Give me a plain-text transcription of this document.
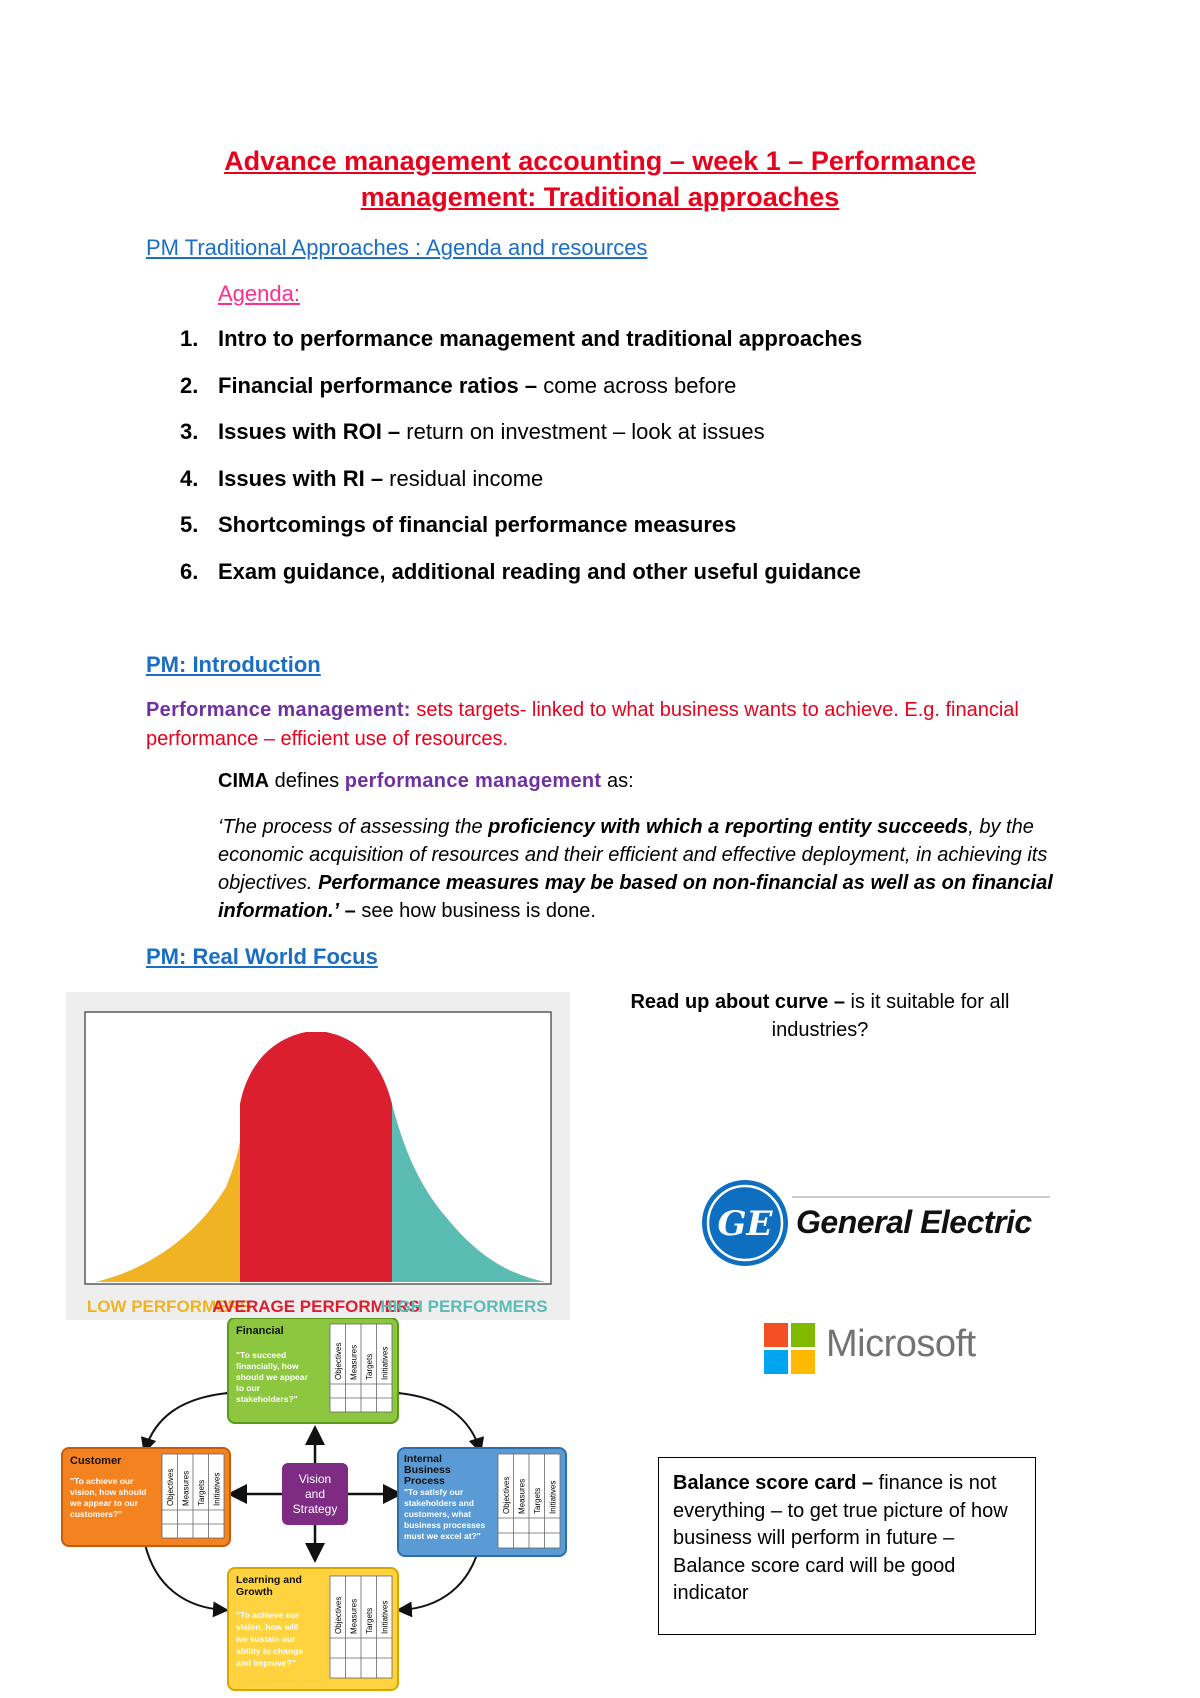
Advance management accounting – week 1 – Performance
management: Traditional approaches
PM Traditional Approaches : Agenda and resources
Agenda:
1. Intro to performance management and traditional approaches
2. Financial performance ratios – come across before
3. Issues with ROI – return on investment – look at issues
4. Issues with RI – residual income
5. Shortcomings of financial performance measures
6. Exam guidance, additional reading and other useful guidance
PM: Introduction
Performance management: sets targets- linked to what business wants to achieve. E.g. financial performance – efficient use of resources.
CIMA defines performance management as:
‘The process of assessing the proficiency with which a reporting entity succeeds, by the economic acquisition of resources and their efficient and effective deployment, in achieving its objectives. Performance measures may be based on non-financial as well as on financial information.’ – see how business is done.
PM: Real World Focus
LOW PERFORMERS
AVERAGE PERFORMERS
HIGH PERFORMERS
Read up about curve – is it suitable for all industries?
GE General Electric
Microsoft
Vision
and
Strategy
Financial
"To succeed
financially, how
should we appear
to our
stakeholders?"
Objectives Measures Targets Initiatives
Customer
"To achieve our
vision, how should
we appear to our
customers?"
Objectives Measures Targets Initiatives
Internal
Business
Process
"To satisfy our
stakeholders and
customers, what
business processes
must we excel at?"
Objectives Measures Targets Initiatives
Learning and
Growth
"To achieve our
vision, how will
we sustain our
ability to change
and improve?"
Objectives Measures Targets Initiatives
Balance score card – finance is not everything – to get true picture of how business will perform in future – Balance score card will be good indicator
